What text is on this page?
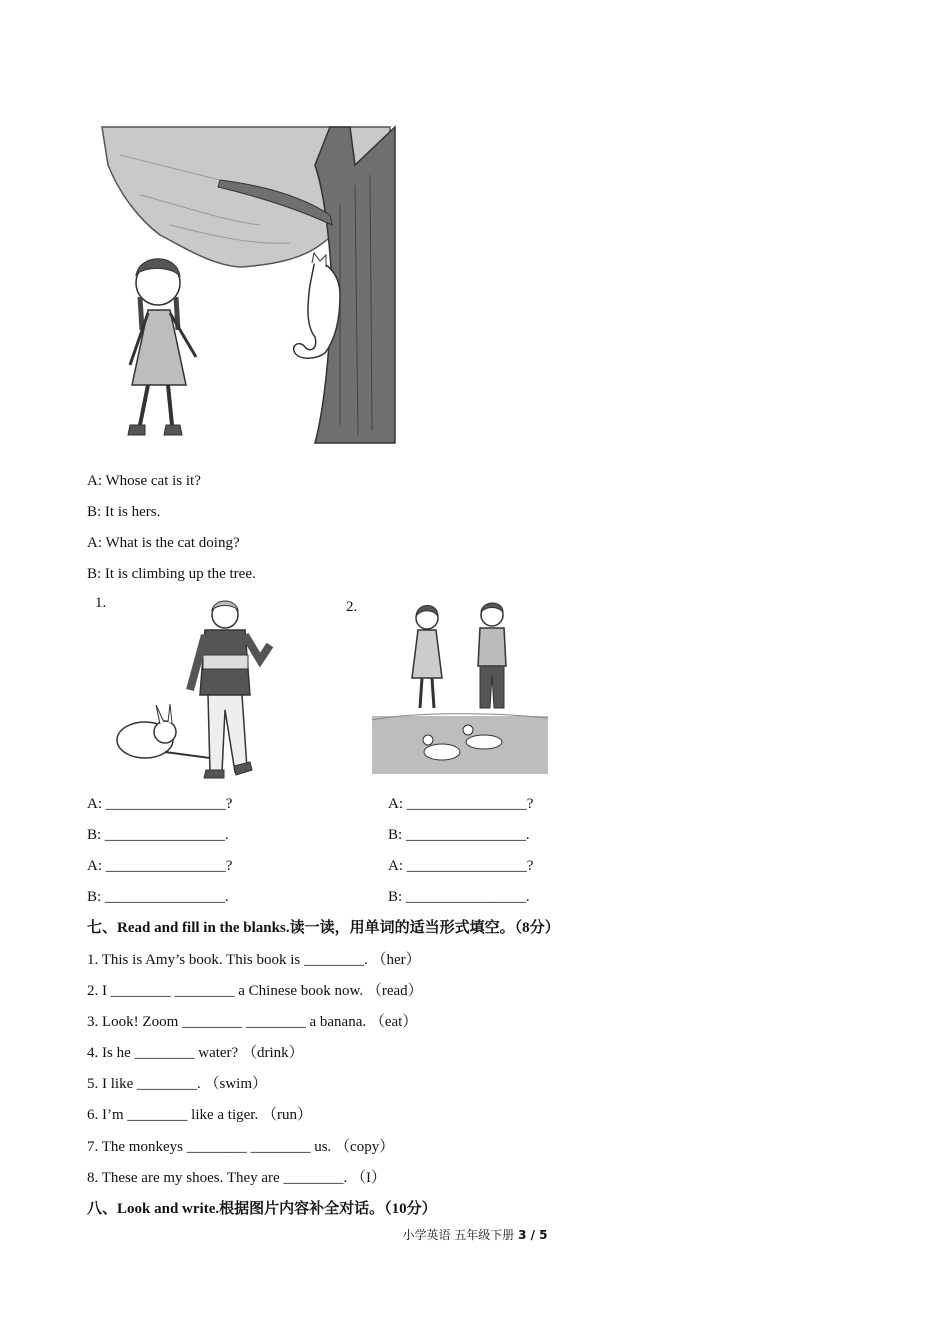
A: Whose cat is it?
B: It is hers.
A: What is the cat doing?
B: It is climbing up the tree.
1.	2.
A: ________________?
B: ________________.
A: ________________?
B: ________________.
A: ________________?
B: ________________.
A: ________________?
B: ________________.
七、Read and fill in the blanks.读一读，用单词的适当形式填空。（8分）
1. This is Amy’s book. This book is ________. （her）
2. I ________ ________ a Chinese book now. （read）
3. Look! Zoom ________ ________ a banana. （eat）
4. Is he ________ water? （drink）
5. I like ________. （swim）
6. I’m ________ like a tiger. （run）
7. The monkeys ________ ________ us. （copy）
8. These are my shoes. They are ________. （I）
八、Look and write.根据图片内容补全对话。（10分）
小学英语 五年级下册 3 / 5
